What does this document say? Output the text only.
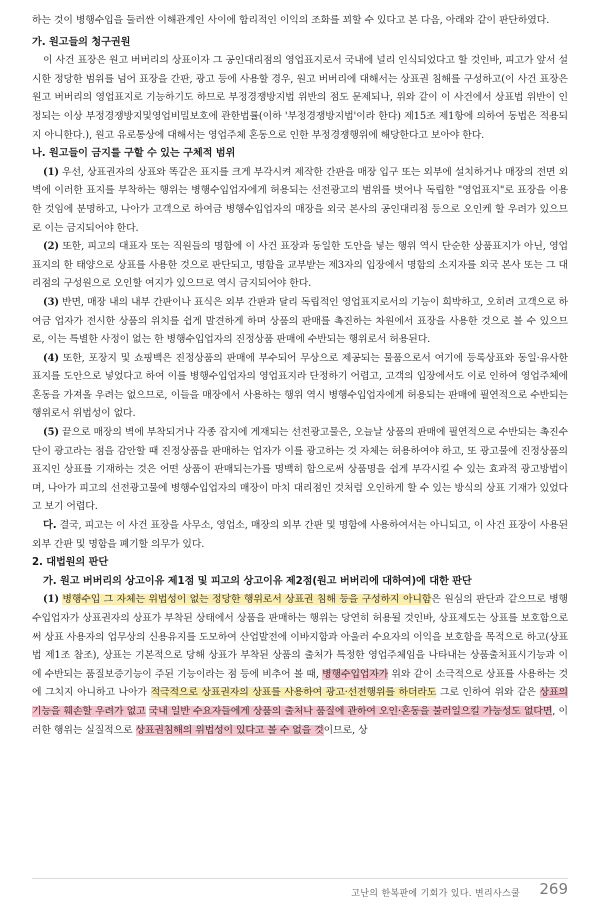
하는 것이 병행수입을 둘러싼 이해관계인 사이에 합리적인 이익의 조화를 꾀할 수 있다고 본 다음, 아래와 같이 판단하였다.

가. 원고들의 청구권원

이 사건 표장은 원고 버버리의 상표이자 그 공인대리점의 영업표지로서 국내에 널리 인식되었다고 할 것인바, 피고가 앞서 설시한 정당한 범위를 넘어 표장을 간판, 광고 등에 사용할 경우, 원고 버버리에 대해서는 상표권 침해를 구성하고(이 사건 표장은 원고 버버리의 영업표지로 기능하기도 하므로 부정경쟁방지법 위반의 점도 문제되나, 위와 같이 이 사건에서 상표법 위반이 인정되는 이상 부정경쟁방지및영업비밀보호에 관한법률(이하 '부정경쟁방지법'이라 한다) 제15조 제1항에 의하여 동법은 적용되지 아니한다.), 원고 유로통상에 대해서는 영업주체 혼동으로 인한 부정경쟁행위에 해당한다고 보아야 한다.

나. 원고들이 금지를 구할 수 있는 구체적 범위

(1) 우선, 상표권자의 상표와 똑같은 표지를 크게 부각시켜 제작한 간판을 매장 입구 또는 외부에 설치하거나 매장의 전면 외벽에 이러한 표지를 부착하는 행위는 병행수입업자에게 허용되는 선전광고의 범위를 벗어나 독립한 "영업표지"로 표장을 이용한 것임에 분명하고, 나아가 고객으로 하여금 병행수입업자의 매장을 외국 본사의 공인대리점 등으로 오인케 할 우려가 있으므로 이는 금지되어야 한다.

(2) 또한, 피고의 대표자 또는 직원들의 명함에 이 사건 표장과 동일한 도안을 넣는 행위 역시 단순한 상품표지가 아닌, 영업표지의 한 태양으로 상표를 사용한 것으로 판단되고, 명함을 교부받는 제3자의 입장에서 명함의 소지자를 외국 본사 또는 그 대리점의 구성원으로 오인할 여지가 있으므로 역시 금지되어야 한다.

(3) 반면, 매장 내의 내부 간판이나 표식은 외부 간판과 달리 독립적인 영업표지로서의 기능이 희박하고, 오히려 고객으로 하여금 업자가 전시한 상품의 위치를 쉽게 발견하게 하며 상품의 판매를 촉진하는 차원에서 표장을 사용한 것으로 볼 수 있으므로, 이는 특별한 사정이 없는 한 병행수입업자의 진정상품 판매에 수반되는 행위로서 허용된다.

(4) 또한, 포장지 및 쇼핑백은 진정상품의 판매에 부수되어 무상으로 제공되는 물품으로서 여기에 등록상표와 동일·유사한 표지를 도안으로 넣었다고 하여 이를 병행수입업자의 영업표지라 단정하기 어렵고, 고객의 입장에서도 이로 인하여 영업주체에 혼동을 가져올 우려는 없으므로, 이들을 매장에서 사용하는 행위 역시 병행수입업자에게 허용되는 판매에 필연적으로 수반되는 행위로서 위법성이 없다.

(5) 끝으로 매장의 벽에 부착되거나 각종 잡지에 게재되는 선전광고물은, 오늘날 상품의 판매에 필연적으로 수반되는 촉진수단이 광고라는 점을 감안할 때 진정상품을 판매하는 업자가 이를 광고하는 것 자체는 허용하여야 하고, 또 광고물에 진정상품의 표지인 상표를 기재하는 것은 어떤 상품이 판매되는가를 명백히 함으로써 상품명을 쉽게 부각시킬 수 있는 효과적 광고방법이며, 나아가 피고의 선전광고물에 병행수입업자의 매장이 마치 대리점인 것처럼 오인하게 할 수 있는 방식의 상표 기재가 있었다고 보기 어렵다.

다. 결국, 피고는 이 사건 표장을 사무소, 영업소, 매장의 외부 간판 및 명함에 사용하여서는 아니되고, 이 사건 표장이 사용된 외부 간판 및 명함을 폐기할 의무가 있다.

2. 대법원의 판단

가. 원고 버버리의 상고이유 제1점 및 피고의 상고이유 제2점(원고 버버리에 대하여)에 대한 판단

(1) 병행수입 그 자체는 위법성이 없는 정당한 행위로서 상표권 침해 등을 구성하지 아니함은 원심의 판단과 같으므로 병행수입업자가 상표권자의 상표가 부착된 상태에서 상품을 판매하는 행위는 당연히 허용될 것인바, 상표제도는 상표를 보호함으로써 상표 사용자의 업무상의 신용유지를 도모하여 산업발전에 이바지함과 아울러 수요자의 이익을 보호함을 목적으로 하고(상표법 제1조 참조), 상표는 기본적으로 당해 상표가 부착된 상품의 출처가 특정한 영업주체임을 나타내는 상품출처표시기능과 이에 수반되는 품질보증기능이 주된 기능이라는 점 등에 비추어 볼 때, 병행수입업자가 위와 같이 소극적으로 상표를 사용하는 것에 그치지 아니하고 나아가 적극적으로 상표권자의 상표를 사용하여 광고·선전행위를 하더라도 그로 인하여 위와 같은 상표의 기능을 훼손할 우려가 없고 국내 일반 수요자들에게 상품의 출처나 품질에 관하여 오인·혼동을 불러일으킬 가능성도 없다면, 이러한 행위는 실질적으로 상표권침해의 위법성이 있다고 볼 수 없을 것이므로, 상

고난의 한복판에 기회가 있다. 변리사스쿨 269
